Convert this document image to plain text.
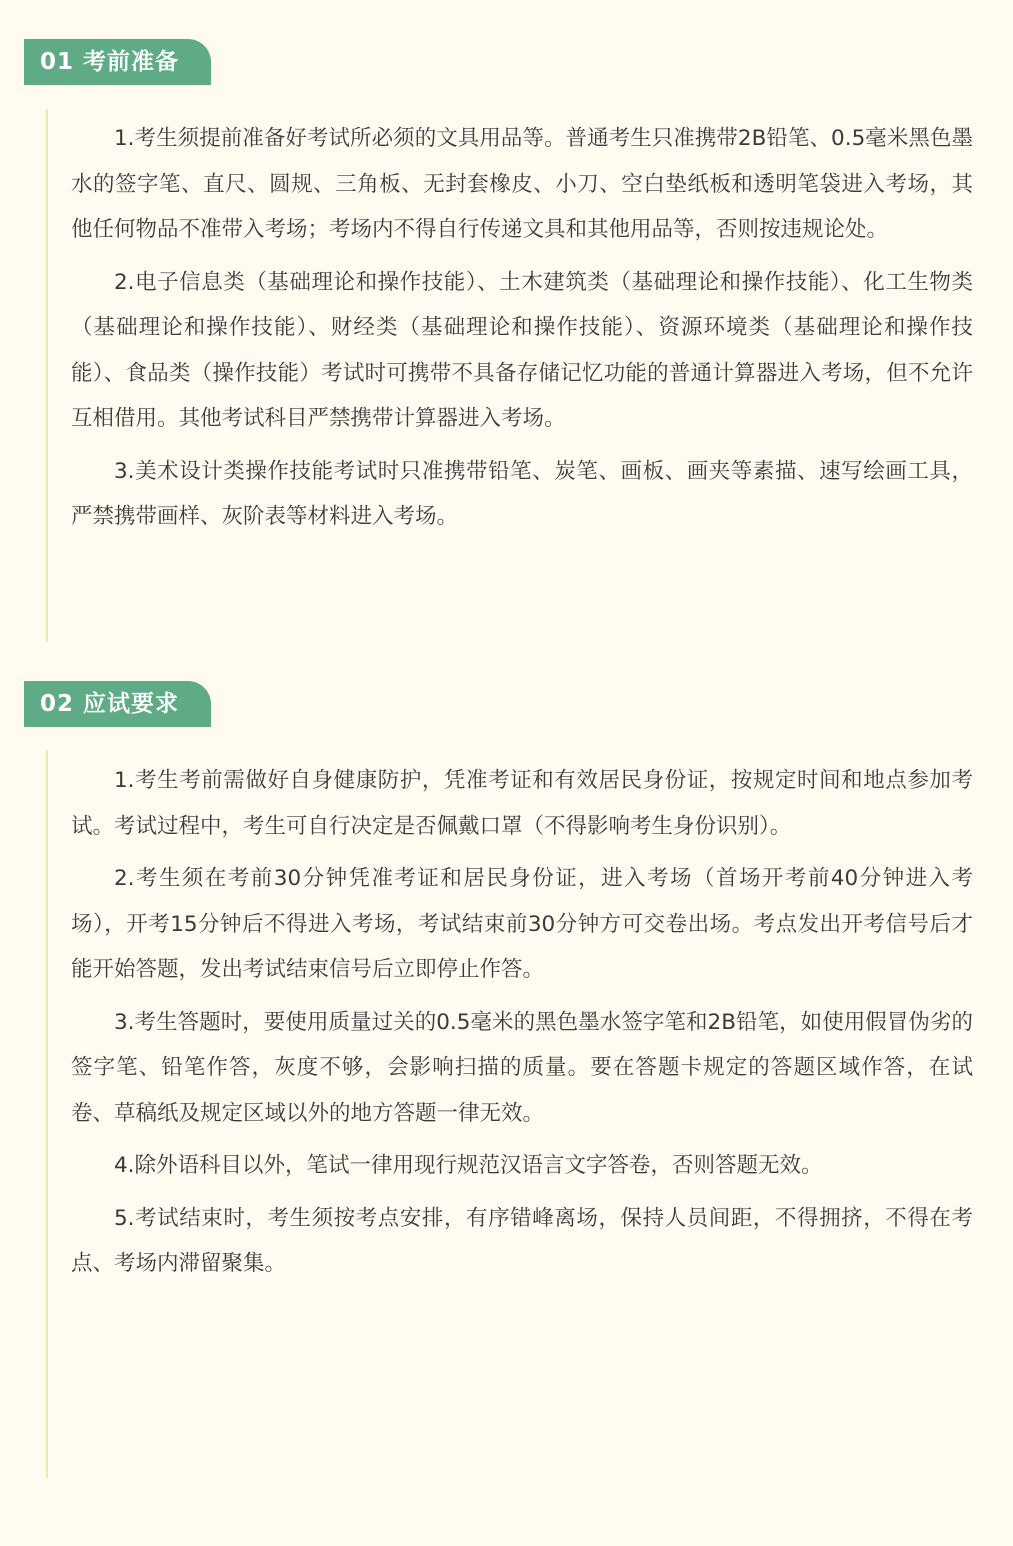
01 考前准备

1.考生须提前准备好考试所必须的文具用品等。普通考生只准携带2B铅笔、0.5毫米黑色墨水的签字笔、直尺、圆规、三角板、无封套橡皮、小刀、空白垫纸板和透明笔袋进入考场，其他任何物品不准带入考场；考场内不得自行传递文具和其他用品等，否则按违规论处。

2.电子信息类（基础理论和操作技能）、土木建筑类（基础理论和操作技能）、化工生物类（基础理论和操作技能）、财经类（基础理论和操作技能）、资源环境类（基础理论和操作技能）、食品类（操作技能）考试时可携带不具备存储记忆功能的普通计算器进入考场，但不允许互相借用。其他考试科目严禁携带计算器进入考场。

3.美术设计类操作技能考试时只准携带铅笔、炭笔、画板、画夹等素描、速写绘画工具，严禁携带画样、灰阶表等材料进入考场。

02 应试要求

1.考生考前需做好自身健康防护，凭准考证和有效居民身份证，按规定时间和地点参加考试。考试过程中，考生可自行决定是否佩戴口罩（不得影响考生身份识别）。

2.考生须在考前30分钟凭准考证和居民身份证，进入考场（首场开考前40分钟进入考场），开考15分钟后不得进入考场，考试结束前30分钟方可交卷出场。考点发出开考信号后才能开始答题，发出考试结束信号后立即停止作答。

3.考生答题时，要使用质量过关的0.5毫米的黑色墨水签字笔和2B铅笔，如使用假冒伪劣的签字笔、铅笔作答，灰度不够，会影响扫描的质量。要在答题卡规定的答题区域作答，在试卷、草稿纸及规定区域以外的地方答题一律无效。

4.除外语科目以外，笔试一律用现行规范汉语言文字答卷，否则答题无效。

5.考试结束时，考生须按考点安排，有序错峰离场，保持人员间距，不得拥挤，不得在考点、考场内滞留聚集。
